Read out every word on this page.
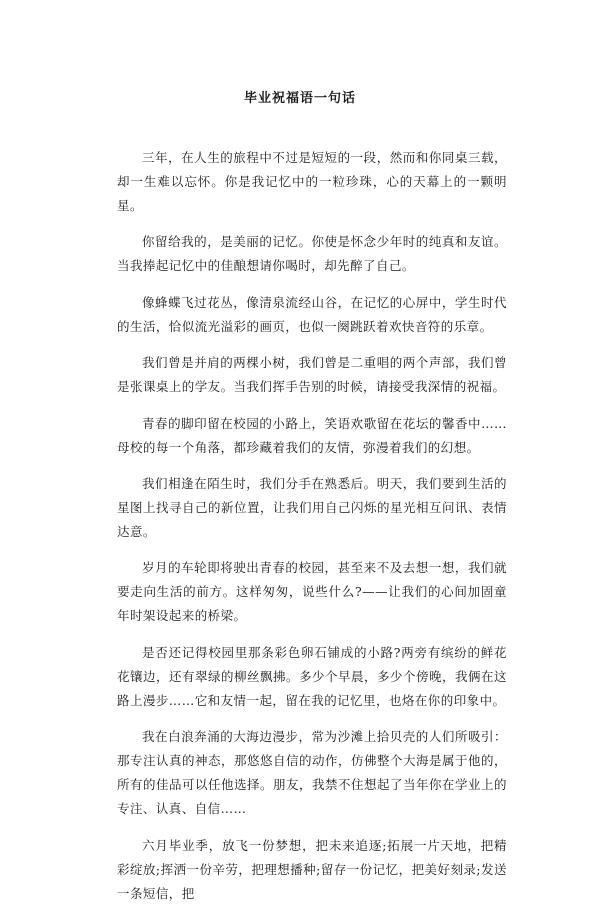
毕业祝福语一句话

三年，在人生的旅程中不过是短短的一段，然而和你同桌三载，却一生难以忘怀。你是我记忆中的一粒珍珠，心的天幕上的一颗明星。

你留给我的，是美丽的记忆。你使是怀念少年时的纯真和友谊。当我捧起记忆中的佳酿想请你喝时，却先醉了自己。

像蜂蝶飞过花丛，像清泉流经山谷，在记忆的心屏中，学生时代的生活，恰似流光溢彩的画页，也似一阕跳跃着欢快音符的乐章。

我们曾是并肩的两棵小树，我们曾是二重唱的两个声部，我们曾是张课桌上的学友。当我们挥手告别的时候，请接受我深情的祝福。

青春的脚印留在校园的小路上，笑语欢歌留在花坛的馨香中……母校的每一个角落，都珍藏着我们的友情，弥漫着我们的幻想。

我们相逢在陌生时，我们分手在熟悉后。明天，我们要到生活的星图上找寻自己的新位置，让我们用自己闪烁的星光相互问讯、表情达意。

岁月的车轮即将驶出青春的校园，甚至来不及去想一想，我们就要走向生活的前方。这样匆匆，说些什么?——让我们的心间加固童年时架设起来的桥梁。

是否还记得校园里那条彩色卵石铺成的小路?两旁有缤纷的鲜花花镶边，还有翠绿的柳丝飘拂。多少个早晨，多少个傍晚，我俩在这路上漫步……它和友情一起，留在我的记忆里，也烙在你的印象中。

我在白浪奔涌的大海边漫步，常为沙滩上拾贝壳的人们所吸引：那专注认真的神态，那悠悠自信的动作，仿佛整个大海是属于他的，所有的佳品可以任他选择。朋友，我禁不住想起了当年你在学业上的专注、认真、自信……

六月毕业季，放飞一份梦想，把未来追逐;拓展一片天地，把精彩绽放;挥洒一份辛劳，把理想播种;留存一份记忆，把美好刻录;发送一条短信，把
